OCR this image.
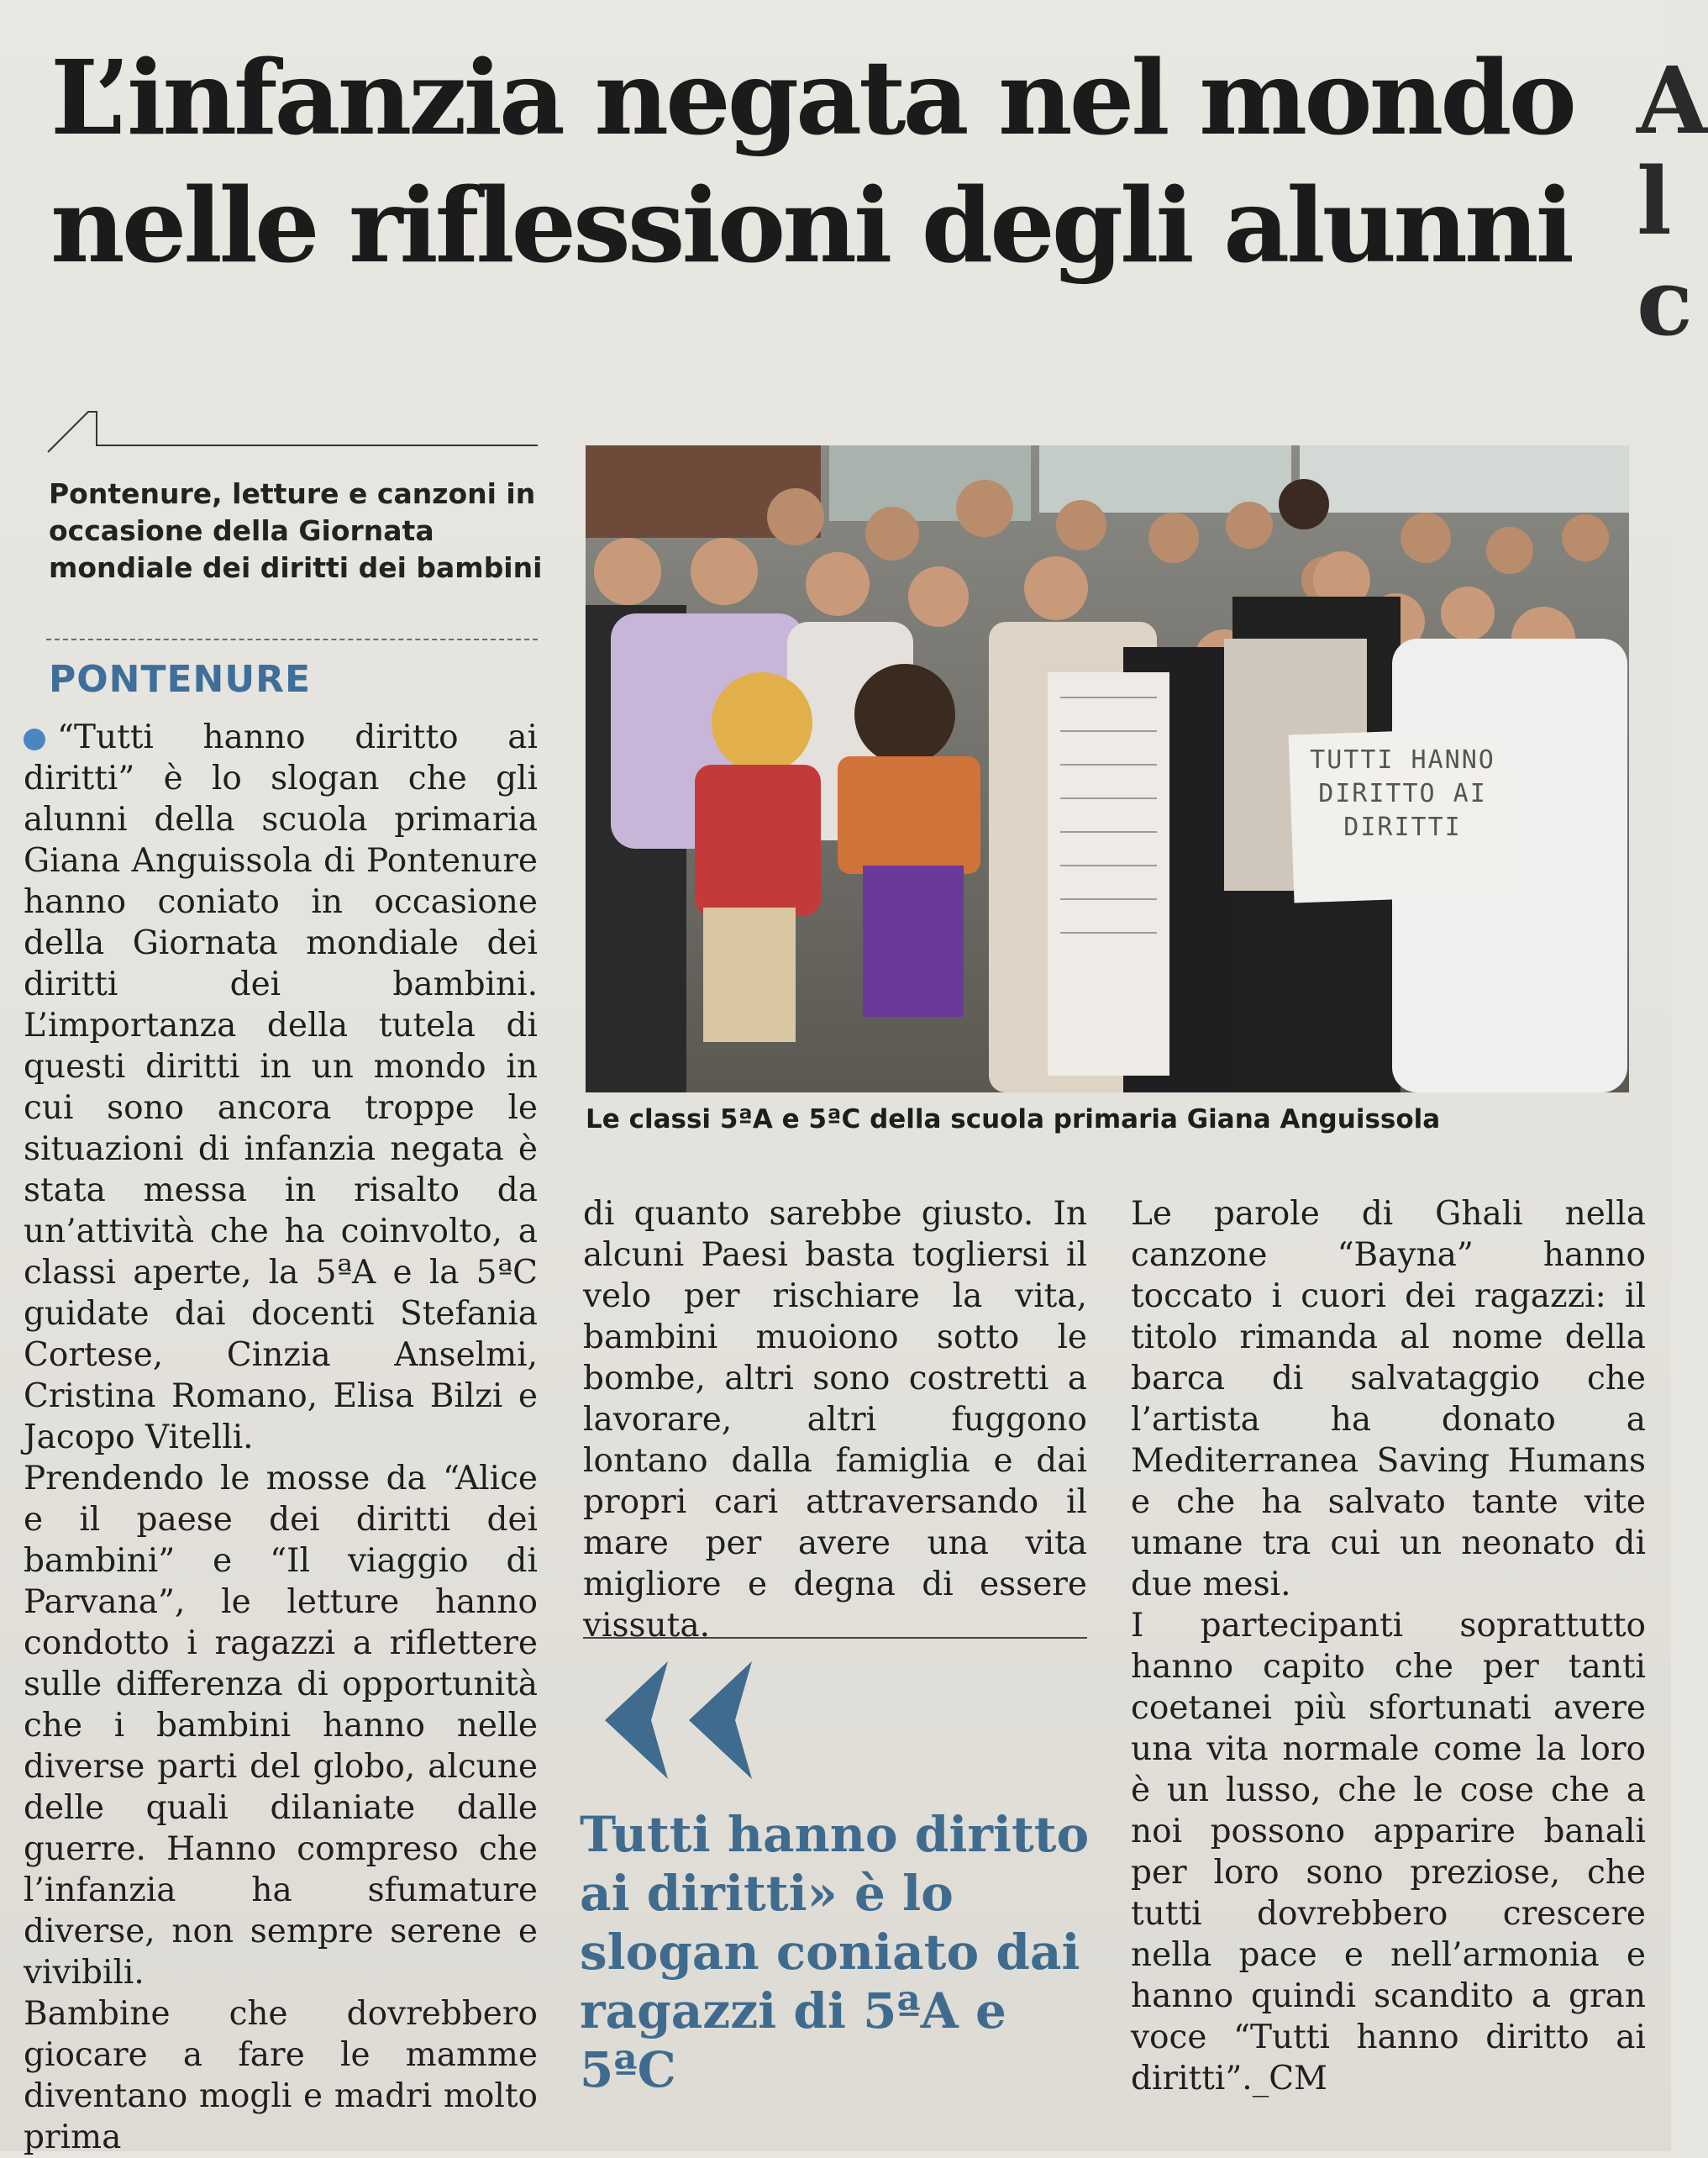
L’infanzia negata nel mondo
nelle riflessioni degli alunni
A
l
c
Pontenure, letture e canzoni in occasione della Giornata mondiale dei diritti dei bambini
PONTENURE

“Tutti hanno diritto ai diritti” è lo slogan che gli alunni della scuola primaria Giana Anguissola di Pontenure hanno coniato in occasione della Giornata mondiale dei diritti dei bambini. L’importanza della tutela di questi diritti in un mondo in cui sono ancora troppe le situazioni di infanzia negata è stata messa in risalto da un’attività che ha coinvolto, a classi aperte, la 5ªA e la 5ªC guidate dai docenti Stefania Cortese, Cinzia Anselmi, Cristina Romano, Elisa Bilzi e Jacopo Vitelli.

Prendendo le mosse da “Alice e il paese dei diritti dei bambini” e “Il viaggio di Parvana”, le letture hanno condotto i ragazzi a riflettere sulle differenza di opportunità che i bambini hanno nelle diverse parti del globo, alcune delle quali dilaniate dalle guerre. Hanno compreso che l’infanzia ha sfumature diverse, non sempre serene e vivibili.

Bambine che dovrebbero giocare a fare le mamme diventano mogli e madri molto prima

TUTTI HANNO DIRITTO AI DIRITTI
Le classi 5ªA e 5ªC della scuola primaria Giana Anguissola

di quanto sarebbe giusto. In alcuni Paesi basta togliersi il velo per rischiare la vita, bambini muoiono sotto le bombe, altri sono costretti a lavorare, altri fuggono lontano dalla famiglia e dai propri cari attraversando il mare per avere una vita migliore e degna di essere vissuta.

Tutti hanno diritto ai diritti» è lo slogan coniato dai ragazzi di 5ªA e 5ªC

Le parole di Ghali nella canzone “Bayna” hanno toccato i cuori dei ragazzi: il titolo rimanda al nome della barca di salvataggio che l’artista ha donato a Mediterranea Saving Humans e che ha salvato tante vite umane tra cui un neonato di due mesi.

I partecipanti soprattutto hanno capito che per tanti coetanei più sfortunati avere una vita normale come la loro è un lusso, che le cose che a noi possono apparire banali per loro sono preziose, che tutti dovrebbero crescere nella pace e nell’armonia e hanno quindi scandito a gran voce “Tutti hanno diritto ai diritti”._CM
